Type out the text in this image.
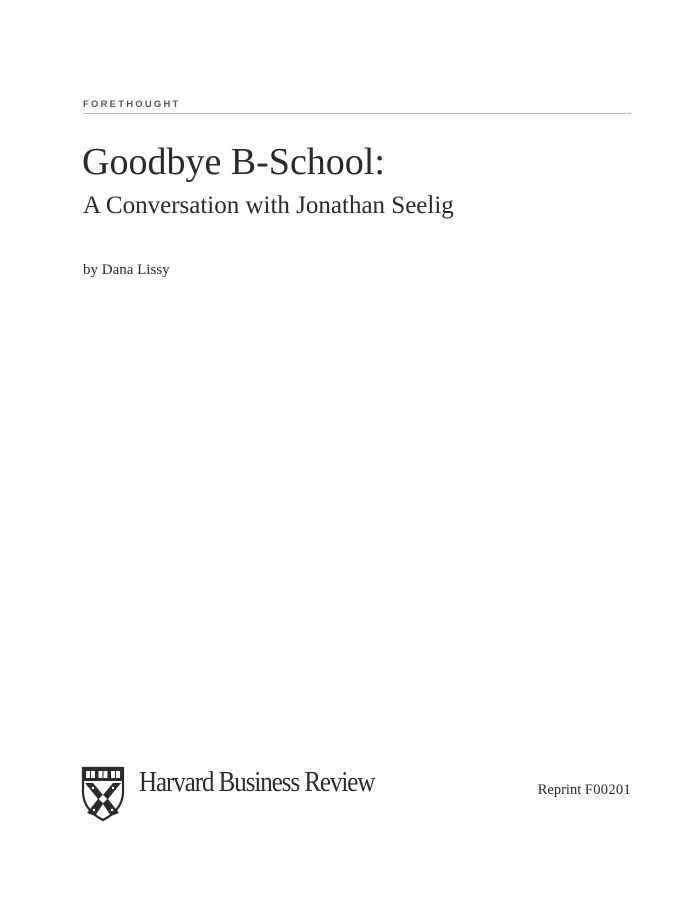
FORETHOUGHT
Goodbye B-School:
A Conversation with Jonathan Seelig
by Dana Lissy
Harvard Business Review	Reprint F00201
